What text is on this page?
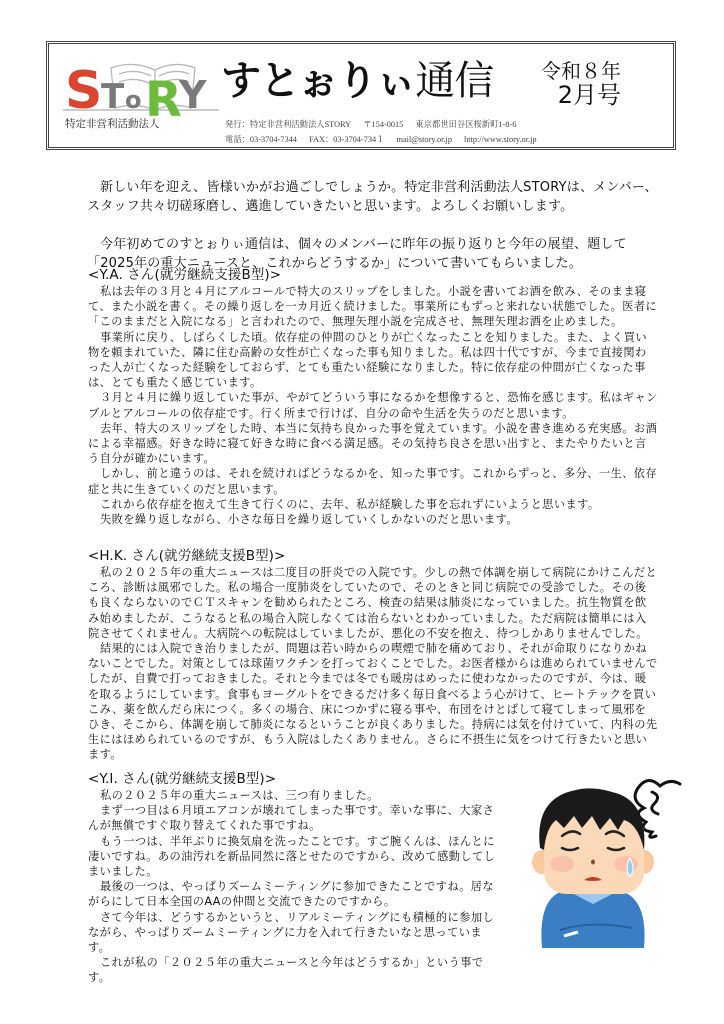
S
T o R
Y
特定非営利活動法人
すとぉりぃ通信	令和８年
2月号
発行：特定非営利活動法人STORY 〒154-0015 東京都世田谷区桜新町1-8-6
電話：03-3704-7344 FAX：03-3704-734１ mail@story.or.jp http://www.story.or.jp

新しい年を迎え、皆様いかがお過ごしでしょうか。特定非営利活動法人STORYは、メンバー、スタッフ共々切磋琢磨し、邁進していきたいと思います。よろしくお願いします。

今年初めてのすとぉりぃ通信は、個々のメンバーに昨年の振り返りと今年の展望、題して「2025年の重大ニュースと、これからどうするか」について書いてもらいました。

<Y.A. さん(就労継続支援B型)>

私は去年の３月と４月にアルコールで特大のスリップをしました。小説を書いてお酒を飲み、そのまま寝て、また小説を書く。その繰り返しを一カ月近く続けました。事業所にもずっと来れない状態でした。医者に「このままだと入院になる」と言われたので、無理矢理小説を完成させ、無理矢理お酒を止めました。

事業所に戻り、しばらくした頃。依存症の仲間のひとりが亡くなったことを知りました。また、よく買い物を頼まれていた、隣に住む高齢の女性が亡くなった事も知りました。私は四十代ですが、今まで直接関わった人が亡くなった経験をしておらず、とても重たい経験になりました。特に依存症の仲間が亡くなった事は、とても重たく感じています。

３月と４月に繰り返していた事が、やがてどういう事になるかを想像すると、恐怖を感じます。私はギャンブルとアルコールの依存症です。行く所まで行けば、自分の命や生活を失うのだと思います。

去年、特大のスリップをした時、本当に気持ち良かった事を覚えています。小説を書き進める充実感。お酒による幸福感。好きな時に寝て好きな時に食べる満足感。その気持ち良さを思い出すと、またやりたいと言う自分が確かにいます。

しかし、前と違うのは、それを続ければどうなるかを、知った事です。これからずっと、多分、一生、依存症と共に生きていくのだと思います。

これから依存症を抱えて生きて行くのに、去年、私が経験した事を忘れずにいようと思います。

失敗を繰り返しながら、小さな毎日を繰り返していくしかないのだと思います。

<H.K. さん(就労継続支援B型)>

私の２０２５年の重大ニュースは二度目の肝炎での入院です。少しの熱で体調を崩して病院にかけこんだところ、診断は風邪でした。私の場合一度肺炎をしていたので、そのときと同じ病院での受診でした。その後も良くならないのでＣＴスキャンを勧められたところ、検査の結果は肺炎になっていました。抗生物質を飲み始めましたが、こうなると私の場合入院しなくては治らないとわかっていました。ただ病院は簡単には入院させてくれません。大病院への転院はしていましたが、悪化の不安を抱え、待つしかありませんでした。

結果的には入院でき治りましたが、問題は若い時からの喫煙で肺を痛めており、それが命取りになりかねないことでした。対策としては球菌ワクチンを打っておくことでした。お医者様からは進められていませんでしたが、自費で打っておきました。それと今までは冬でも暖房はめったに使わなかったのですが、今は、暖を取るようにしています。食事もヨーグルトをできるだけ多く毎日食べるよう心がけて、ヒートテックを買いこみ、薬を飲んだら床につく。多くの場合、床につかずに寝る事や、布団をけとばして寝てしまって風邪をひき、そこから、体調を崩して肺炎になるということが良くありました。持病には気を付けていて、内科の先生にはほめられているのですが、もう入院はしたくありません。さらに不摂生に気をつけて行きたいと思います。

<Y.I. さん(就労継続支援B型)>

私の２０２５年の重大ニュースは、三つ有りました。

まず一つ目は６月頃エアコンが壊れてしまった事です。幸いな事に、大家さんが無償ですぐ取り替えてくれた事ですね。

もう一つは、半年ぶりに換気扇を洗ったことです。すご腕くんは、ほんとに凄いですね。あの油汚れを新品同然に落とせたのですから、改めて感動してしまいました。

最後の一つは、やっぱりズームミーティングに参加できたことですね。居ながらにして日本全国のAAの仲間と交流できたのですから。

さて今年は、どうするかというと、リアルミーティングにも積極的に参加しながら、やっぱりズームミーティングに力を入れて行きたいなと思っています。

これが私の「２０２５年の重大ニュースと今年はどうするか」という事です。
